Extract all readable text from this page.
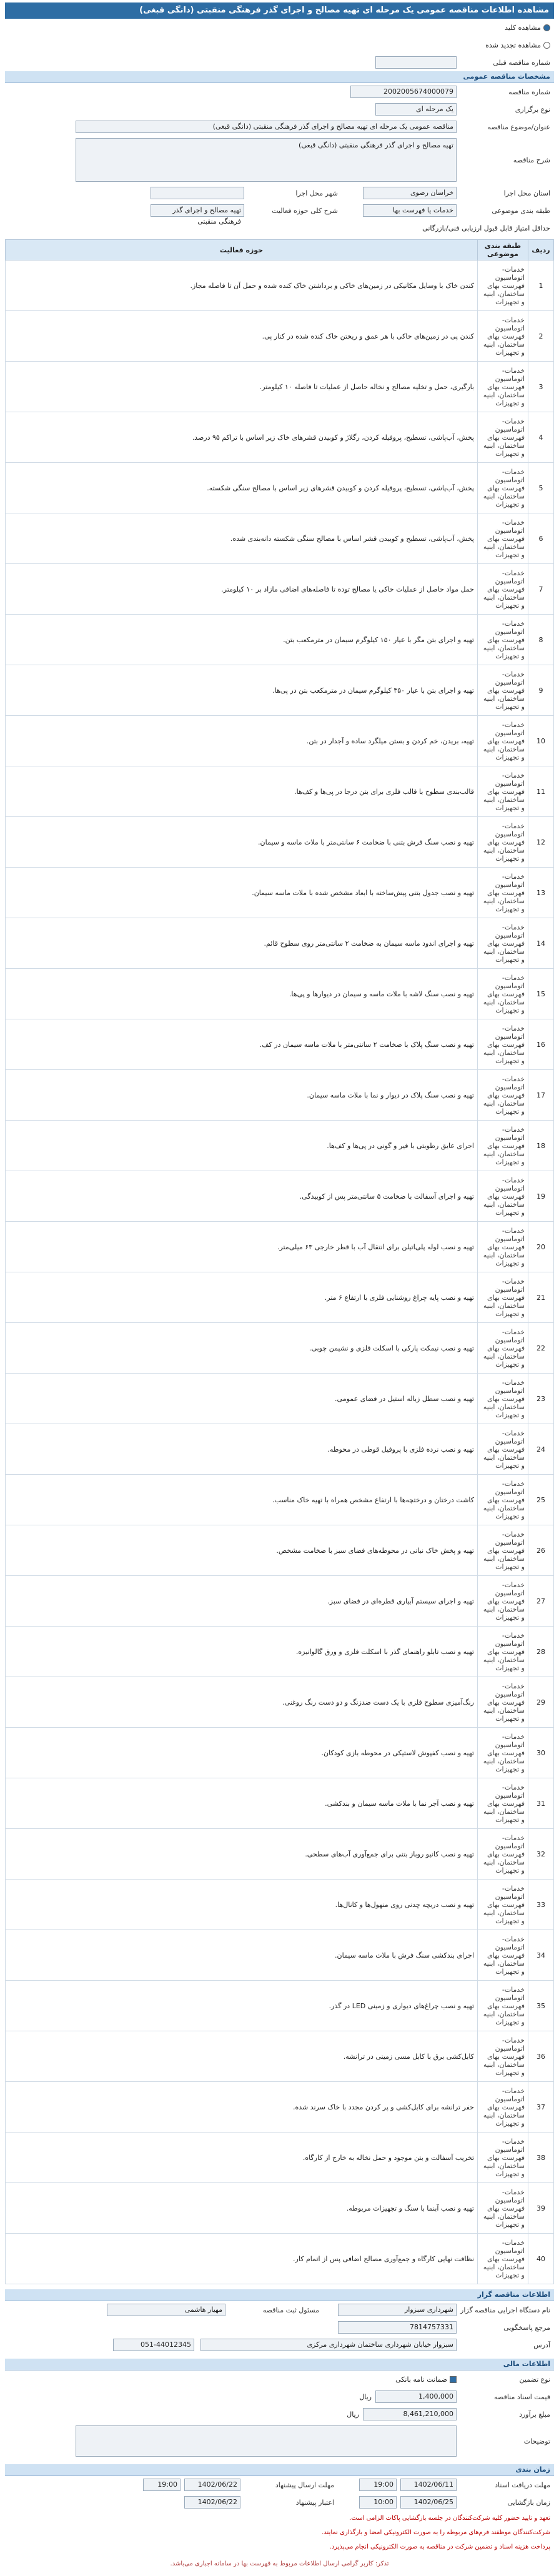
مشاهده اطلاعات مناقصه عمومی یک مرحله ای تهیه مصالح و اجرای گذر فرهنگی منقبتی (دانگی قبغی)
مشاهده کلید
مشاهده تجدید شده
شماره مناقصه قبلی
مشخصات مناقصه عمومی
شماره مناقصه
2002005674000079
نوع برگزاری
یک مرحله ای
عنوان/موضوع مناقصه
مناقصه عمومی یک مرحله ای تهیه مصالح و اجرای گذر فرهنگی منقبتی (دانگی قبغی)
شرح مناقصه
تهیه مصالح و اجرای گذر فرهنگی منقبتی (دانگی قبغی)
استان محل اجرا
خراسان رضوی
شهر محل اجرا
طبقه بندی موضوعی
خدمات یا فهرست بها
شرح کلی حوزه فعالیت
تهیه مصالح و اجرای گذر فرهنگی منقبتی
حداقل امتیاز قابل قبول ارزیابی فنی/بازرگانی
ردیف	طبقه بندی موضوعی	حوزه فعالیت
1	خدمات-اتوماسیون فهرست بهای ساختمان، ابنیه و تجهیزات	کندن خاک با وسایل مکانیکی در زمین‌های خاکی و برداشتن خاک کنده شده و حمل آن تا فاصله مجاز.
2	خدمات-اتوماسیون فهرست بهای ساختمان، ابنیه و تجهیزات	کندن پی در زمین‌های خاکی با هر عمق و ریختن خاک کنده شده در کنار پی.
3	خدمات-اتوماسیون فهرست بهای ساختمان، ابنیه و تجهیزات	بارگیری، حمل و تخلیه مصالح و نخاله حاصل از عملیات تا فاصله ۱۰ کیلومتر.
4	خدمات-اتوماسیون فهرست بهای ساختمان، ابنیه و تجهیزات	پخش، آب‌پاشی، تسطیح، پروفیله کردن، رگلاژ و کوبیدن قشرهای خاک زیر اساس با تراکم ۹۵ درصد.
5	خدمات-اتوماسیون فهرست بهای ساختمان، ابنیه و تجهیزات	پخش، آب‌پاشی، تسطیح، پروفیله کردن و کوبیدن قشرهای زیر اساس با مصالح سنگی شکسته.
6	خدمات-اتوماسیون فهرست بهای ساختمان، ابنیه و تجهیزات	پخش، آب‌پاشی، تسطیح و کوبیدن قشر اساس با مصالح سنگی شکسته دانه‌بندی شده.
7	خدمات-اتوماسیون فهرست بهای ساختمان، ابنیه و تجهیزات	حمل مواد حاصل از عملیات خاکی یا مصالح توده تا فاصله‌های اضافی مازاد بر ۱۰ کیلومتر.
8	خدمات-اتوماسیون فهرست بهای ساختمان، ابنیه و تجهیزات	تهیه و اجرای بتن مگر با عیار ۱۵۰ کیلوگرم سیمان در مترمکعب بتن.
9	خدمات-اتوماسیون فهرست بهای ساختمان، ابنیه و تجهیزات	تهیه و اجرای بتن با عیار ۳۵۰ کیلوگرم سیمان در مترمکعب بتن در پی‌ها.
10	خدمات-اتوماسیون فهرست بهای ساختمان، ابنیه و تجهیزات	تهیه، بریدن، خم کردن و بستن میلگرد ساده و آجدار در بتن.
11	خدمات-اتوماسیون فهرست بهای ساختمان، ابنیه و تجهیزات	قالب‌بندی سطوح با قالب فلزی برای بتن درجا در پی‌ها و کف‌ها.
12	خدمات-اتوماسیون فهرست بهای ساختمان، ابنیه و تجهیزات	تهیه و نصب سنگ فرش بتنی با ضخامت ۶ سانتی‌متر با ملات ماسه و سیمان.
13	خدمات-اتوماسیون فهرست بهای ساختمان، ابنیه و تجهیزات	تهیه و نصب جدول بتنی پیش‌ساخته با ابعاد مشخص شده با ملات ماسه سیمان.
14	خدمات-اتوماسیون فهرست بهای ساختمان، ابنیه و تجهیزات	تهیه و اجرای اندود ماسه سیمان به ضخامت ۲ سانتی‌متر روی سطوح قائم.
15	خدمات-اتوماسیون فهرست بهای ساختمان، ابنیه و تجهیزات	تهیه و نصب سنگ لاشه با ملات ماسه و سیمان در دیوارها و پی‌ها.
16	خدمات-اتوماسیون فهرست بهای ساختمان، ابنیه و تجهیزات	تهیه و نصب سنگ پلاک با ضخامت ۲ سانتی‌متر با ملات ماسه سیمان در کف.
17	خدمات-اتوماسیون فهرست بهای ساختمان، ابنیه و تجهیزات	تهیه و نصب سنگ پلاک در دیوار و نما با ملات ماسه سیمان.
18	خدمات-اتوماسیون فهرست بهای ساختمان، ابنیه و تجهیزات	اجرای عایق رطوبتی با قیر و گونی در پی‌ها و کف‌ها.
19	خدمات-اتوماسیون فهرست بهای ساختمان، ابنیه و تجهیزات	تهیه و اجرای آسفالت با ضخامت ۵ سانتی‌متر پس از کوبیدگی.
20	خدمات-اتوماسیون فهرست بهای ساختمان، ابنیه و تجهیزات	تهیه و نصب لوله پلی‌اتیلن برای انتقال آب با قطر خارجی ۶۳ میلی‌متر.
21	خدمات-اتوماسیون فهرست بهای ساختمان، ابنیه و تجهیزات	تهیه و نصب پایه چراغ روشنایی فلزی با ارتفاع ۶ متر.
22	خدمات-اتوماسیون فهرست بهای ساختمان، ابنیه و تجهیزات	تهیه و نصب نیمکت پارکی با اسکلت فلزی و نشیمن چوبی.
23	خدمات-اتوماسیون فهرست بهای ساختمان، ابنیه و تجهیزات	تهیه و نصب سطل زباله استیل در فضای عمومی.
24	خدمات-اتوماسیون فهرست بهای ساختمان، ابنیه و تجهیزات	تهیه و نصب نرده فلزی با پروفیل قوطی در محوطه.
25	خدمات-اتوماسیون فهرست بهای ساختمان، ابنیه و تجهیزات	کاشت درختان و درختچه‌ها با ارتفاع مشخص همراه با تهیه خاک مناسب.
26	خدمات-اتوماسیون فهرست بهای ساختمان، ابنیه و تجهیزات	تهیه و پخش خاک نباتی در محوطه‌های فضای سبز با ضخامت مشخص.
27	خدمات-اتوماسیون فهرست بهای ساختمان، ابنیه و تجهیزات	تهیه و اجرای سیستم آبیاری قطره‌ای در فضای سبز.
28	خدمات-اتوماسیون فهرست بهای ساختمان، ابنیه و تجهیزات	تهیه و نصب تابلو راهنمای گذر با اسکلت فلزی و ورق گالوانیزه.
29	خدمات-اتوماسیون فهرست بهای ساختمان، ابنیه و تجهیزات	رنگ‌آمیزی سطوح فلزی با یک دست ضدزنگ و دو دست رنگ روغنی.
30	خدمات-اتوماسیون فهرست بهای ساختمان، ابنیه و تجهیزات	تهیه و نصب کفپوش لاستیکی در محوطه بازی کودکان.
31	خدمات-اتوماسیون فهرست بهای ساختمان، ابنیه و تجهیزات	تهیه و نصب آجر نما با ملات ماسه سیمان و بندکشی.
32	خدمات-اتوماسیون فهرست بهای ساختمان، ابنیه و تجهیزات	تهیه و نصب کانیو روباز بتنی برای جمع‌آوری آب‌های سطحی.
33	خدمات-اتوماسیون فهرست بهای ساختمان، ابنیه و تجهیزات	تهیه و نصب دریچه چدنی روی منهول‌ها و کانال‌ها.
34	خدمات-اتوماسیون فهرست بهای ساختمان، ابنیه و تجهیزات	اجرای بندکشی سنگ فرش با ملات ماسه سیمان.
35	خدمات-اتوماسیون فهرست بهای ساختمان، ابنیه و تجهیزات	تهیه و نصب چراغ‌های دیواری و زمینی LED در گذر.
36	خدمات-اتوماسیون فهرست بهای ساختمان، ابنیه و تجهیزات	کابل‌کشی برق با کابل مسی زمینی در ترانشه.
37	خدمات-اتوماسیون فهرست بهای ساختمان، ابنیه و تجهیزات	حفر ترانشه برای کابل‌کشی و پر کردن مجدد با خاک سرند شده.
38	خدمات-اتوماسیون فهرست بهای ساختمان، ابنیه و تجهیزات	تخریب آسفالت و بتن موجود و حمل نخاله به خارج از کارگاه.
39	خدمات-اتوماسیون فهرست بهای ساختمان، ابنیه و تجهیزات	تهیه و نصب آبنما با سنگ و تجهیزات مربوطه.
40	خدمات-اتوماسیون فهرست بهای ساختمان، ابنیه و تجهیزات	نظافت نهایی کارگاه و جمع‌آوری مصالح اضافی پس از اتمام کار.
اطلاعات مناقصه گزار
نام دستگاه اجرایی مناقصه گزار
شهرداری سبزوار
مسئول ثبت مناقصه
مهیار هاشمی
مرجع پاسخگویی
7814757331
آدرس
سبزوار خیابان شهرداری ساختمان شهرداری مرکزی
051-44012345
اطلاعات مالی
نوع تضمین
ضمانت نامه بانکی
قیمت اسناد مناقصه
1,400,000
ریال
مبلغ برآورد
8,461,210,000
ریال
توضیحات
زمان بندی
مهلت دریافت اسناد
1402/06/11
19:00
مهلت ارسال پیشنهاد
1402/06/22
19:00
زمان بازگشایی
1402/06/25
10:00
اعتبار پیشنهاد
1402/06/22
تعهد و تایید حضور کلیه شرکت‌کنندگان در جلسه بازگشایی پاکات الزامی است.
شرکت‌کنندگان موظفند فرم‌های مربوطه را به صورت الکترونیکی امضا و بارگذاری نمایند.
پرداخت هزینه اسناد و تضمین شرکت در مناقصه به صورت الکترونیکی انجام می‌پذیرد.
تذکر: کاربر گرامی ارسال اطلاعات مربوط به فهرست بها در سامانه اجباری می‌باشد.
